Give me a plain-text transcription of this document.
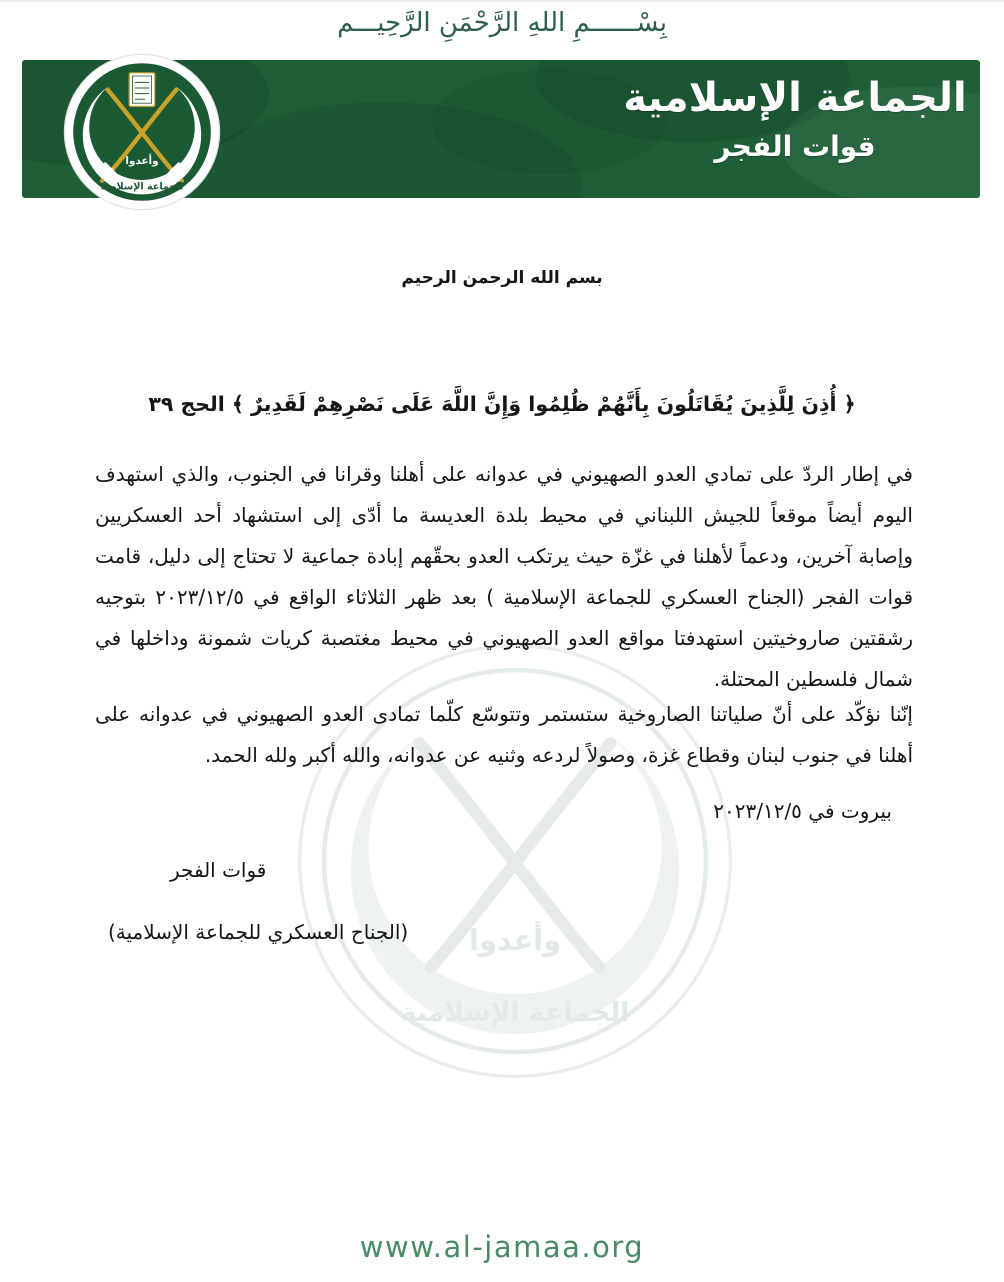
بِسْــــــمِ اللهِ الرَّحْمَنِ الرَّحِيـــم
الجماعة الإسلامية
قوات الفجر
وأعدوا
الجماعة الإسلامية
وأعدوا
الجماعة الإسلامية
بسم الله الرحمن الرحيم
﴿ أُذِنَ لِلَّذِينَ يُقَاتَلُونَ بِأَنَّهُمْ ظُلِمُوا وَإِنَّ اللَّهَ عَلَى نَصْرِهِمْ لَقَدِيرٌ ﴾ الحج ٣٩
في إطار الردّ على تمادي العدو الصهيوني في عدوانه على أهلنا وقرانا في الجنوب، والذي استهدف اليوم أيضاً موقعاً للجيش اللبناني في محيط بلدة العديسة ما أدّى إلى استشهاد أحد العسكريين وإصابة آخرين، ودعماً لأهلنا في غزّة حيث يرتكب العدو بحقّهم إبادة جماعية لا تحتاج إلى دليل، قامت قوات الفجر (الجناح العسكري للجماعة الإسلامية ) بعد ظهر الثلاثاء الواقع في ٢٠٢٣/١٢/٥ بتوجيه رشقتين صاروخيتين استهدفتا مواقع العدو الصهيوني في محيط مغتصبة كريات شمونة وداخلها في شمال فلسطين المحتلة.
إنّنا نؤكّد على أنّ صلياتنا الصاروخية ستستمر وتتوسّع كلّما تمادى العدو الصهيوني في عدوانه على أهلنا في جنوب لبنان وقطاع غزة، وصولاً لردعه وثنيه عن عدوانه، والله أكبر ولله الحمد.
بيروت في ٢٠٢٣/١٢/٥
قوات الفجر
(الجناح العسكري للجماعة الإسلامية)
www.al-jamaa.org
